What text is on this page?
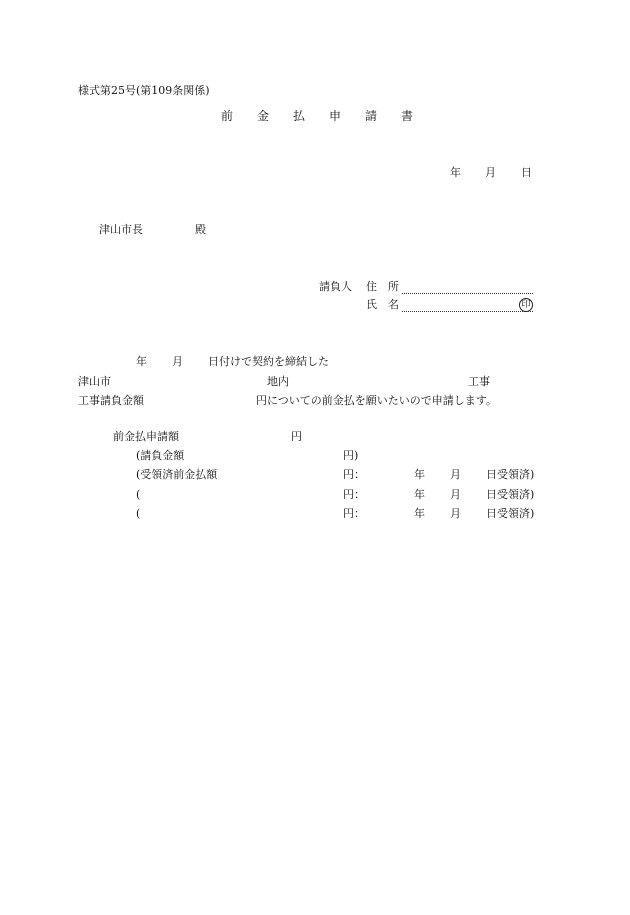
様式第25号(第109条関係)
前　　金　　払　　申　　請　　書
年 月 日
津山市長	殿
請負人 住　所
氏　名	印
年 月 日付けで契約を締結した
津山市	地内	工事
工事請負金額	円についての前金払を願いたいので申請します。
前金払申請額	円
(請負金額	円)
(受領済前金払額	円：	年 月 日受領済)
(	円：	年 月 日受領済)
(	円：	年 月 日受領済)
